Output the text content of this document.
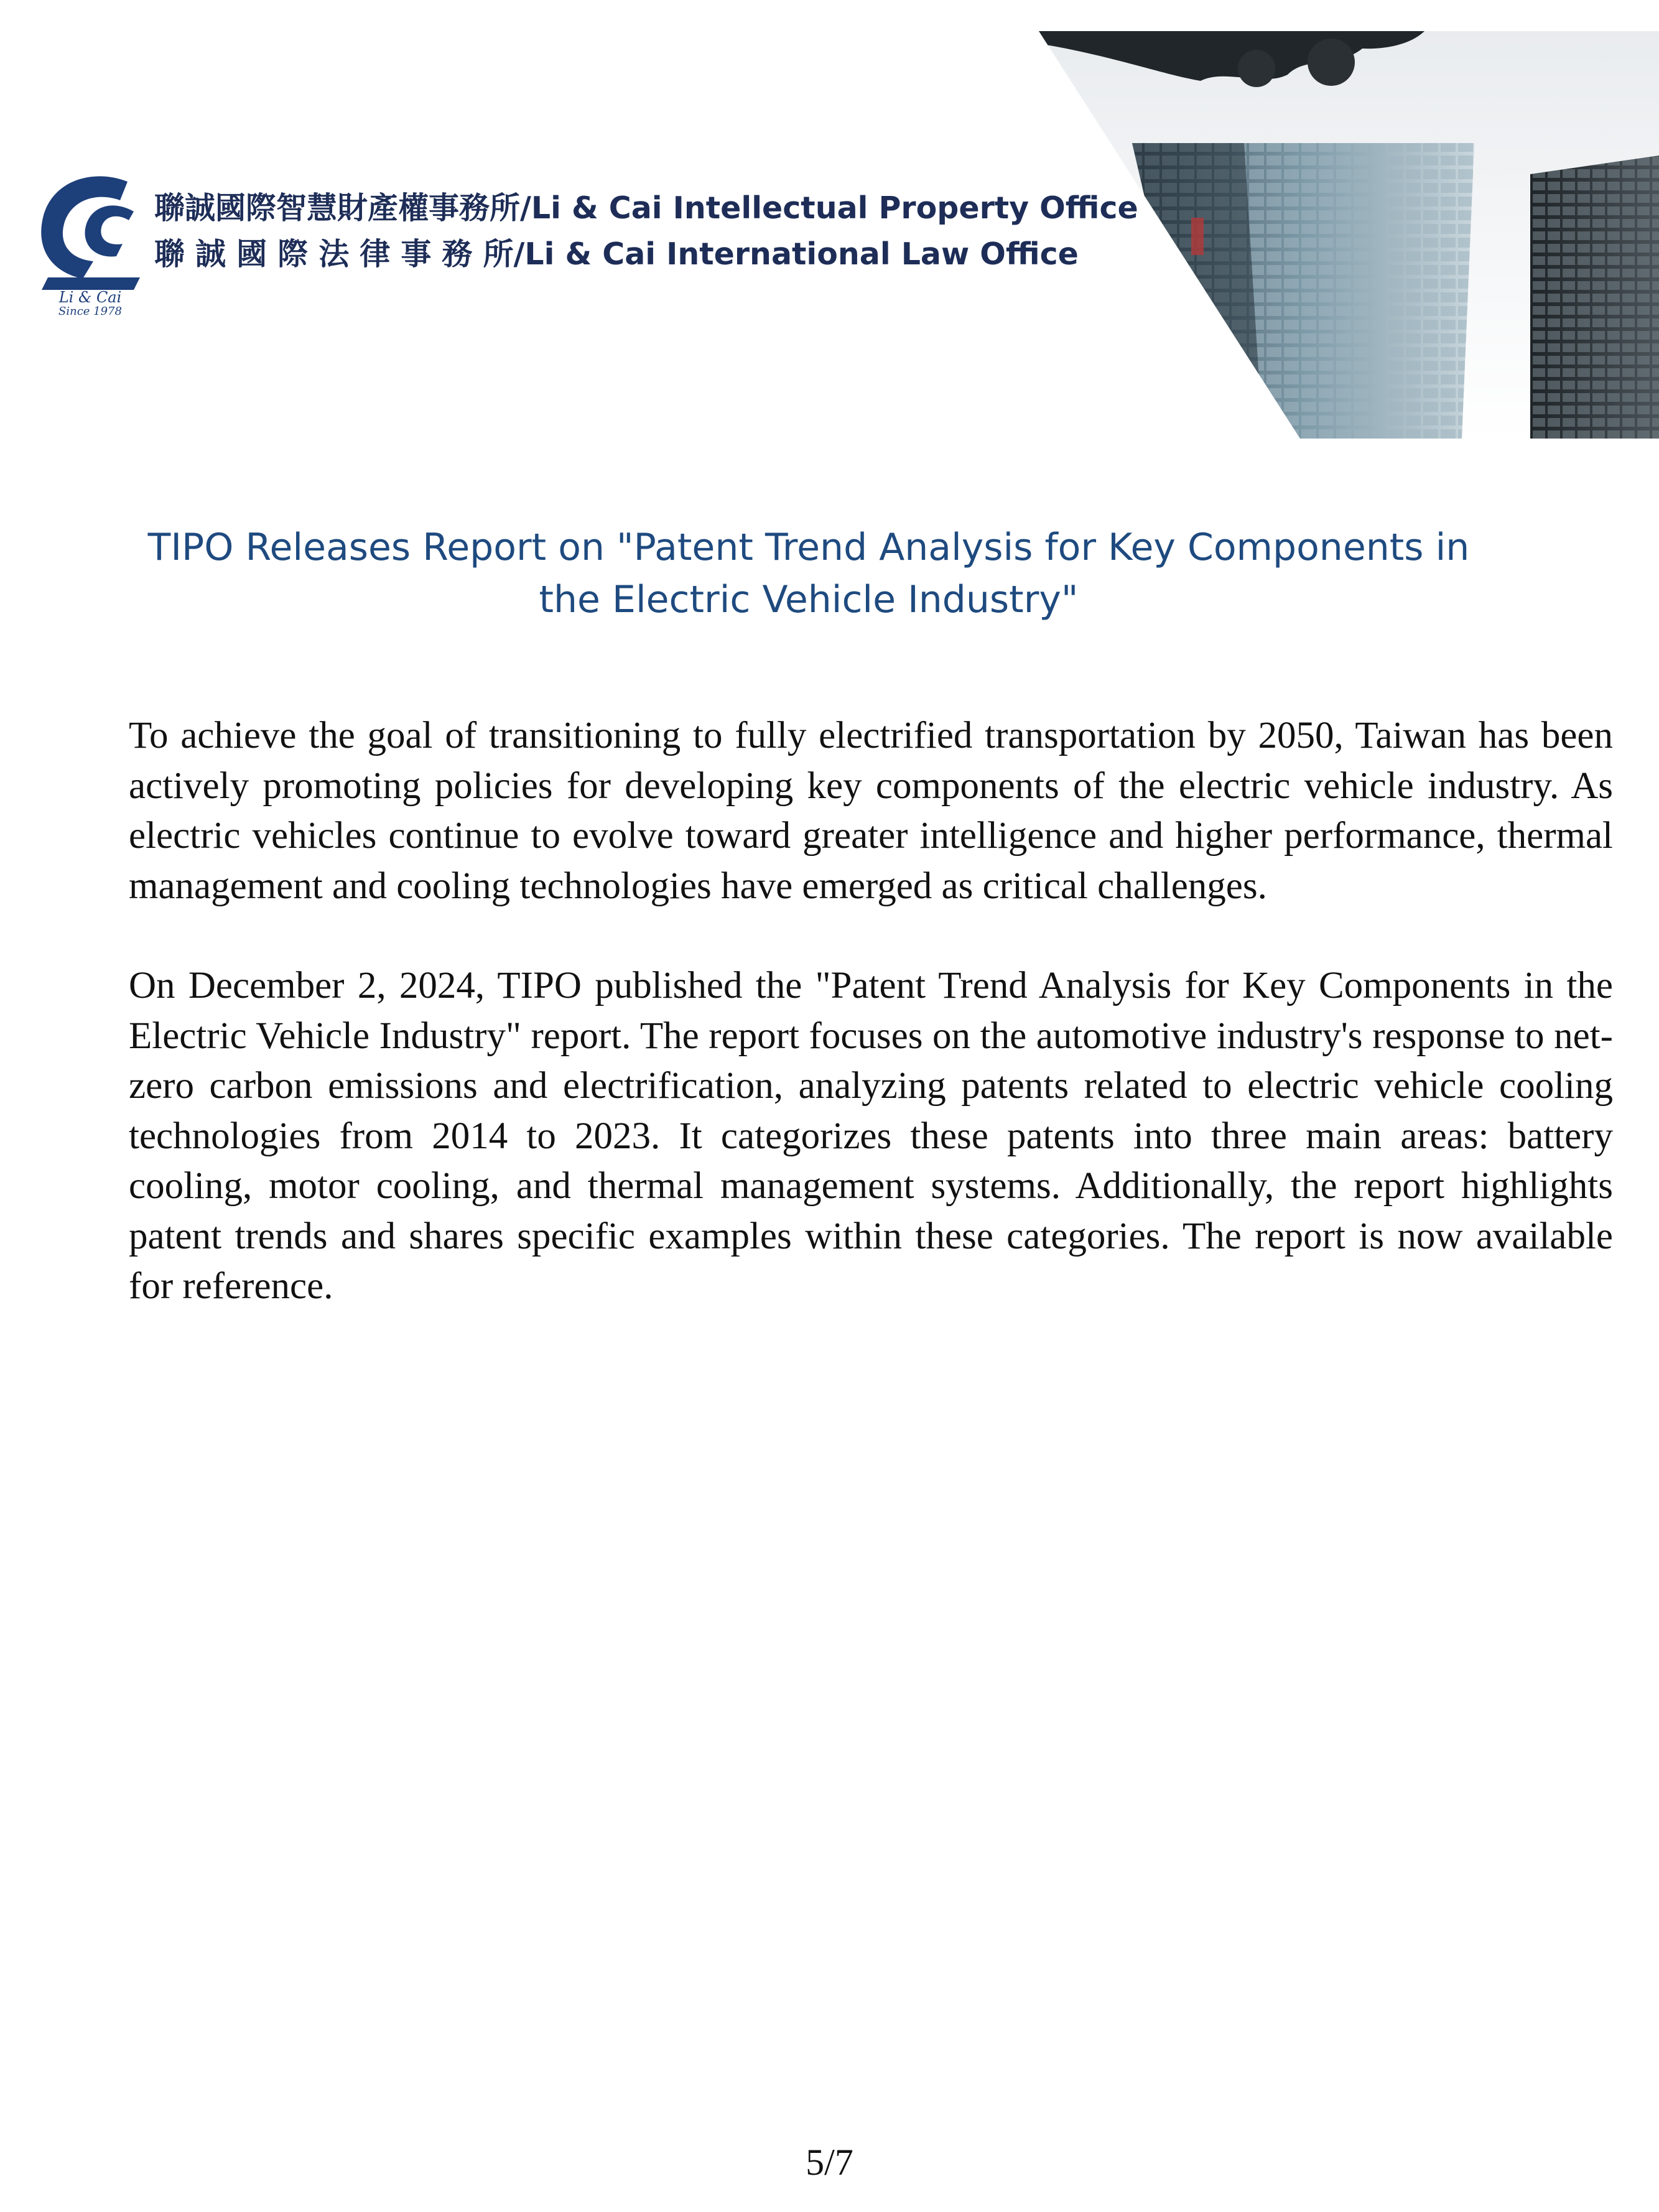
Li & Cai
Since 1978
聯誠國際智慧財產權事務所/Li & Cai Intellectual Property Office
聯 誠 國 際 法 律 事 務 所/Li & Cai International Law Office
TIPO Releases Report on "Patent Trend Analysis for Key Components in the Electric Vehicle Industry"

To achieve the goal of transitioning to fully electrified transportation by 2050, Taiwan has been actively promoting policies for developing key components of the electric vehicle industry. As electric vehicles continue to evolve toward greater intelligence and higher performance, thermal management and cooling technologies have emerged as critical challenges.

On December 2, 2024, TIPO published the "Patent Trend Analysis for Key Components in the Electric Vehicle Industry" report. The report focuses on the automotive industry's response to net-zero carbon emissions and electrification, analyzing patents related to electric vehicle cooling technologies from 2014 to 2023. It categorizes these patents into three main areas: battery cooling, motor cooling, and thermal management systems. Additionally, the report highlights patent trends and shares specific examples within these categories. The report is now available for reference.

5/7
